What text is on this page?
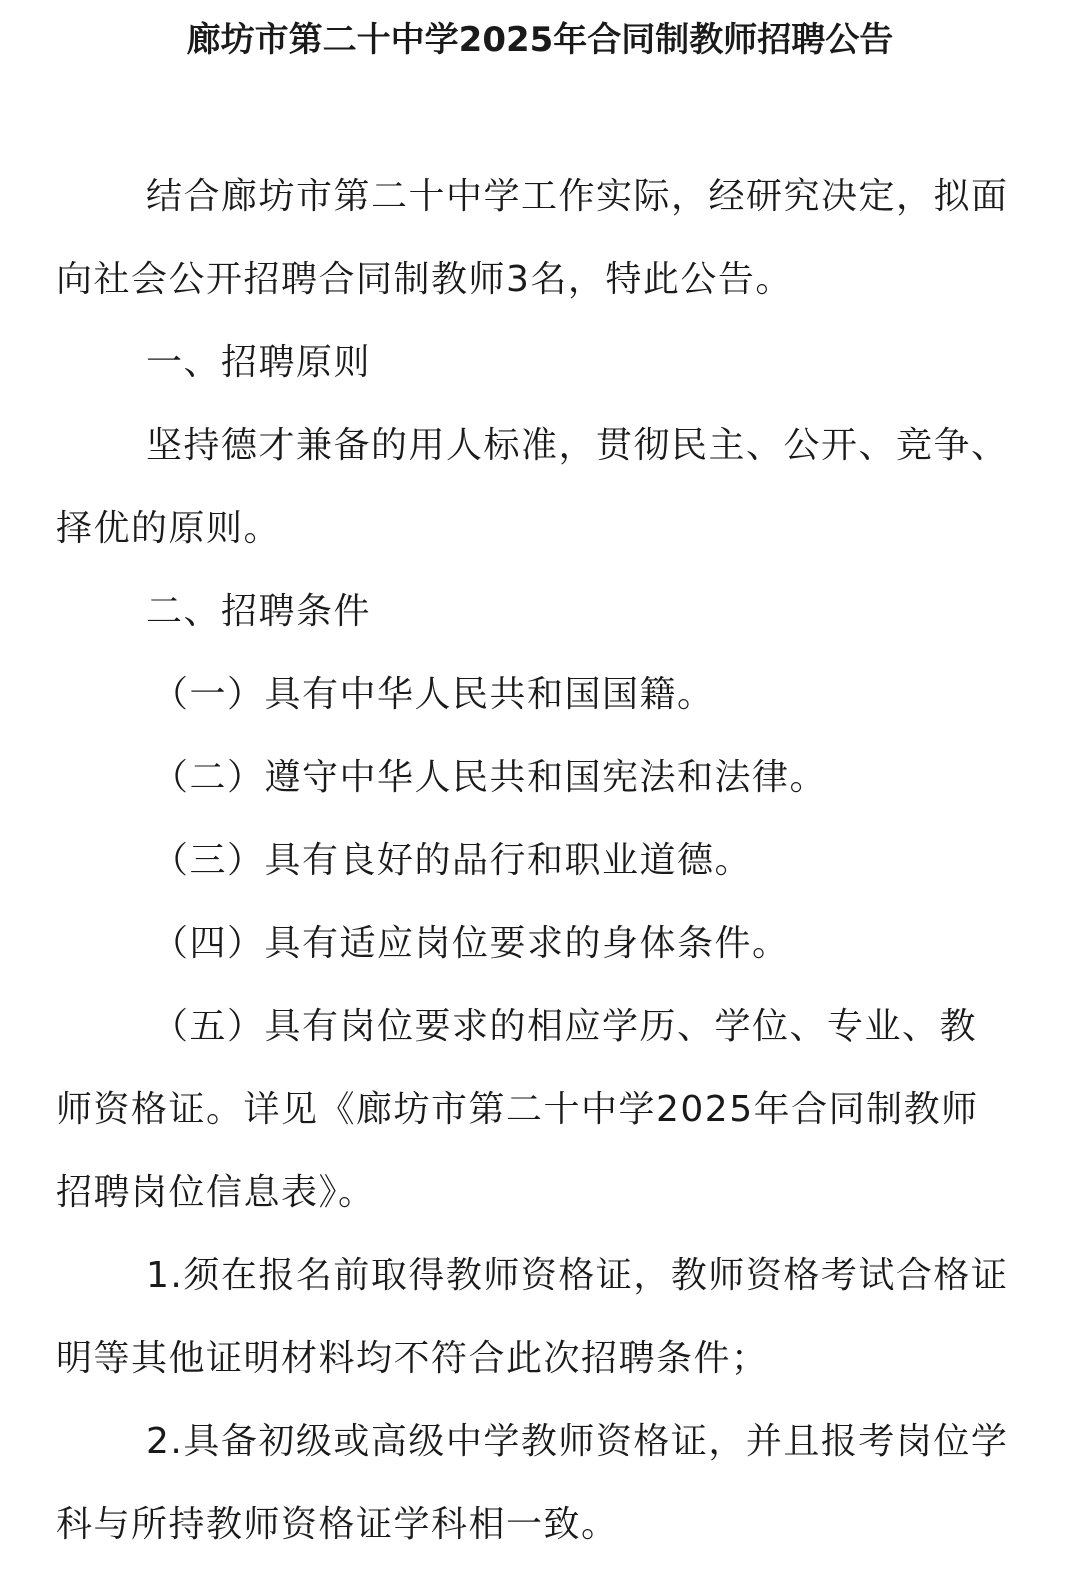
廊坊市第二十中学2025年合同制教师招聘公告

结合廊坊市第二十中学工作实际，经研究决定，拟面向社会公开招聘合同制教师3名，特此公告。

一、招聘原则

坚持德才兼备的用人标准，贯彻民主、公开、竞争、择优的原则。

二、招聘条件

（一）具有中华人民共和国国籍。

（二）遵守中华人民共和国宪法和法律。

（三）具有良好的品行和职业道德。

（四）具有适应岗位要求的身体条件。

（五）具有岗位要求的相应学历、学位、专业、教师资格证。详见《廊坊市第二十中学2025年合同制教师招聘岗位信息表》。

1.须在报名前取得教师资格证，教师资格考试合格证明等其他证明材料均不符合此次招聘条件；

2.具备初级或高级中学教师资格证，并且报考岗位学科与所持教师资格证学科相一致。
